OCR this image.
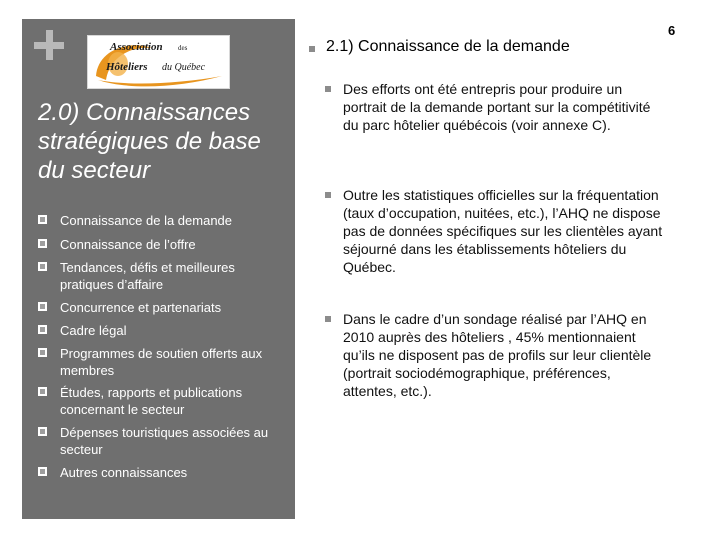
Association des
Hôteliers du Québec
2.0) Connaissances stratégiques de base du secteur
Connaissance de la demande
Connaissance de l’offre
Tendances, défis et meilleures pratiques d’affaire
Concurrence et partenariats
Cadre légal
Programmes de soutien offerts aux membres
Études, rapports et publications concernant le secteur
Dépenses touristiques associées au secteur
Autres connaissances
6
2.1) Connaissance de la demande
Des efforts ont été entrepris pour produire un portrait de la demande portant sur la compétitivité du parc hôtelier québécois (voir annexe C).
Outre les statistiques officielles sur la fréquentation (taux d’occupation, nuitées, etc.), l’AHQ ne dispose pas de données spécifiques sur les clientèles ayant séjourné dans les établissements hôteliers du Québec.
Dans le cadre d’un sondage réalisé par l’AHQ en 2010 auprès des hôteliers , 45% mentionnaient qu’ils ne disposent pas de profils sur leur clientèle (portrait sociodémographique, préférences, attentes, etc.).
